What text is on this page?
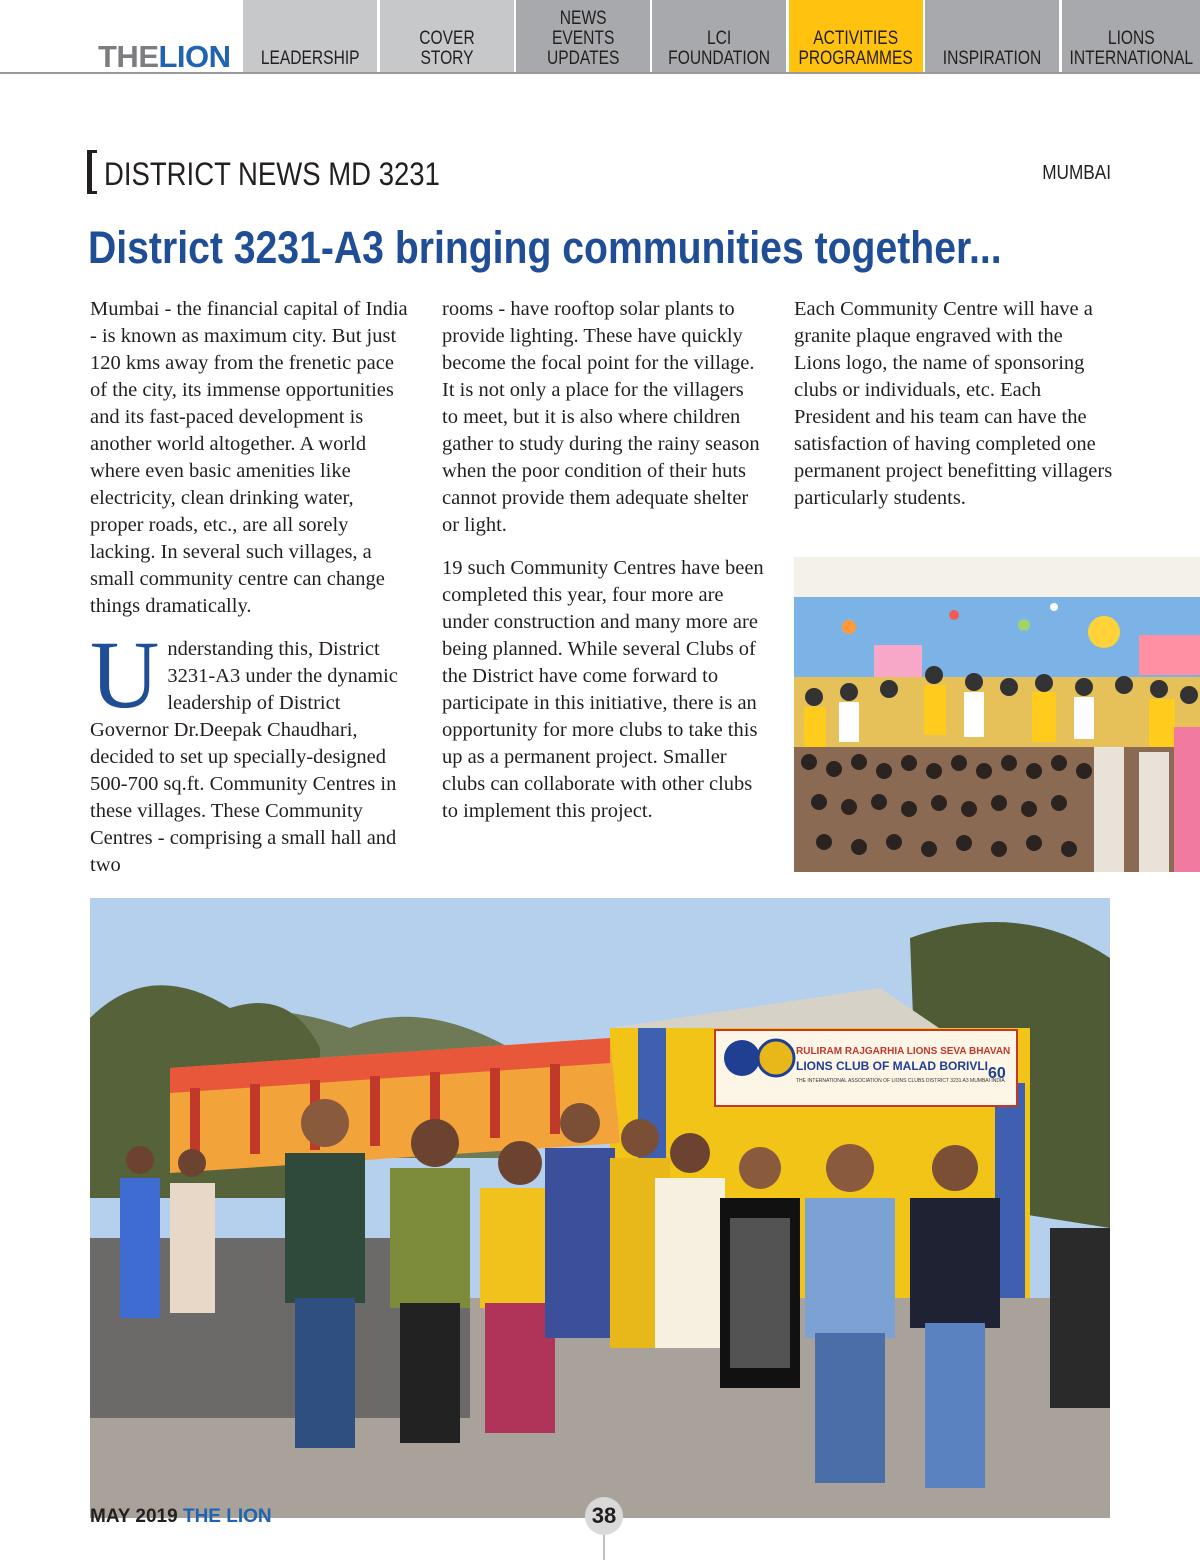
THELION LEADERSHIP
COVER STORY
NEWS
EVENTS
UPDATES
LCI
FOUNDATION
ACTIVITIES
PROGRAMMES INSPIRATION
LIONS
INTERNATIONAL
DISTRICT NEWS MD 3231	MUMBAI
District 3231-A3 bringing communities together...

Mumbai - the financial capital of India - is known as maximum city. But just 120 kms away from the frenetic pace of the city, its immense opportunities and its fast-paced development is another world altogether. A world where even basic amenities like electricity, clean drinking water, proper roads, etc., are all sorely lacking. In several such villages, a small community centre can change things dramatically.

Understanding this, District 3231-A3 under the dynamic leadership of District Governor Dr.Deepak Chaudhari, decided to set up specially-designed 500-700 sq.ft. Community Centres in these villages. These Community Centres - comprising a small hall and two

rooms - have rooftop solar plants to provide lighting. These have quickly become the focal point for the village. It is not only a place for the villagers to meet, but it is also where children gather to study during the rainy season when the poor condition of their huts cannot provide them adequate shelter or light.

19 such Community Centres have been completed this year, four more are under construction and many more are being planned. While several Clubs of the District have come forward to participate in this initiative, there is an opportunity for more clubs to take this up as a permanent project. Smaller clubs can collaborate with other clubs to implement this project.

Each Community Centre will have a granite plaque engraved with the Lions logo, the name of sponsoring clubs or individuals, etc. Each President and his team can have the satisfaction of having completed one permanent project benefitting villagers particularly students.

RULIRAM RAJGARHIA LIONS SEVA BHAVAN
LIONS CLUB OF MALAD BORIVLI
THE INTERNATIONAL ASSOCIATION OF LIONS CLUBS DISTRICT 3231 A3 MUMBAI INDIA
60
MAY 2019 THE LION	38
